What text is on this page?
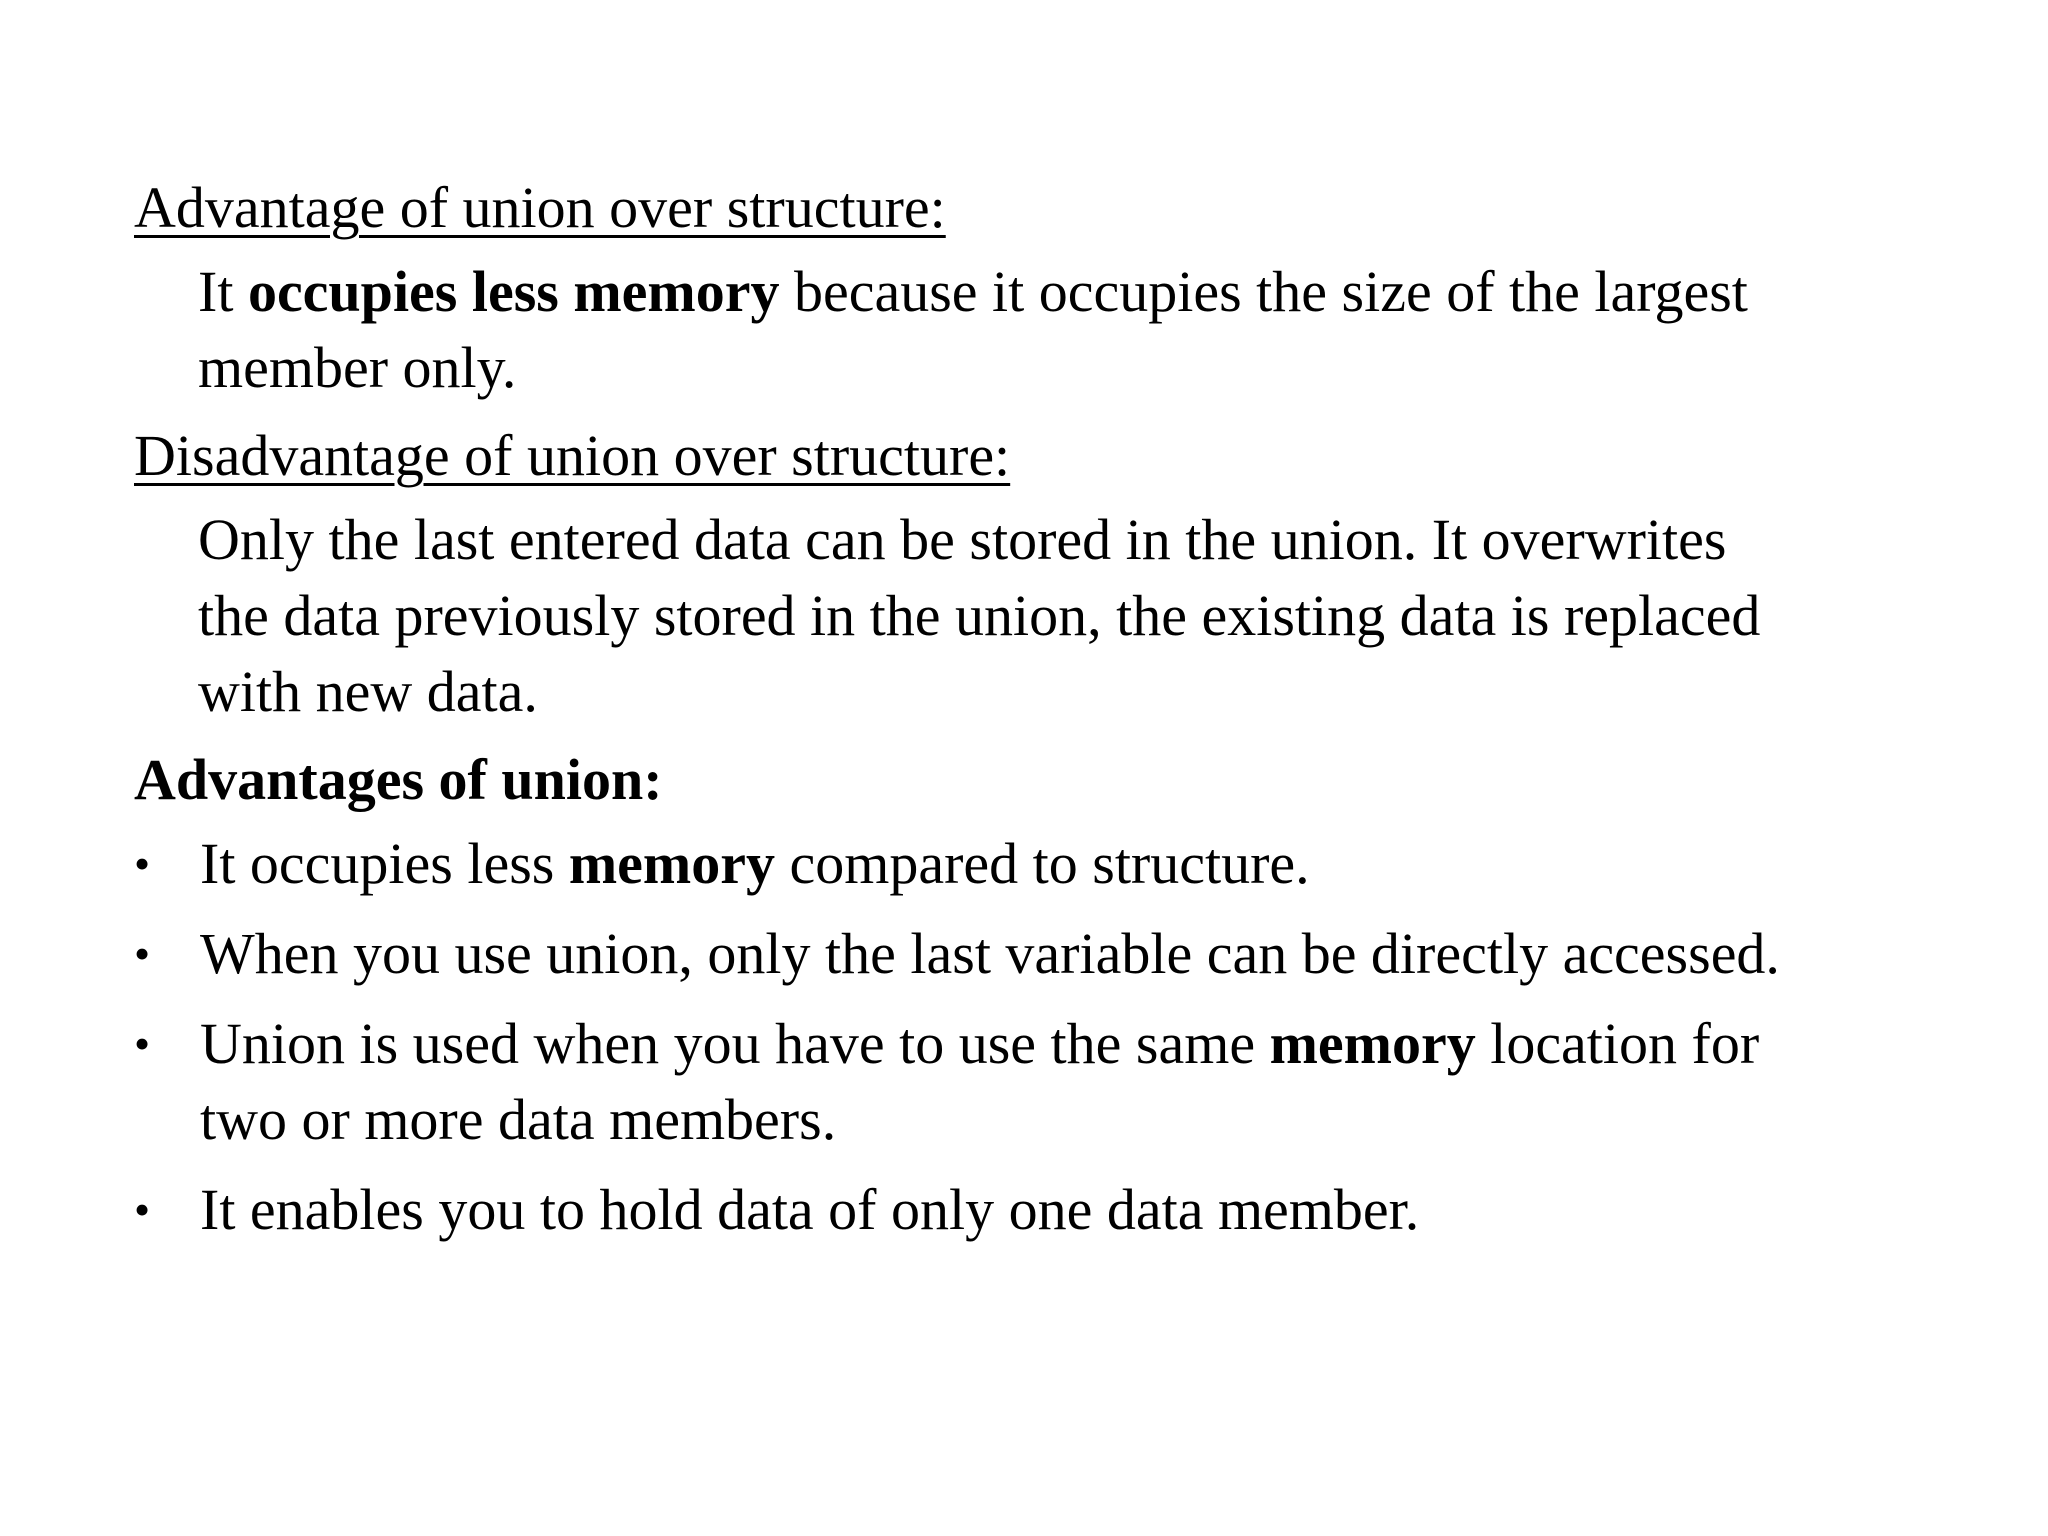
Advantage of union over structure:

It occupies less memory because it occupies the size of the largest
member only.

Disadvantage of union over structure:

Only the last entered data can be stored in the union. It overwrites
the data previously stored in the union, the existing data is replaced
with new data.

Advantages of union:

• It occupies less memory compared to structure.
• When you use union, only the last variable can be directly accessed.
• Union is used when you have to use the same memory location for
two or more data members.
• It enables you to hold data of only one data member.
